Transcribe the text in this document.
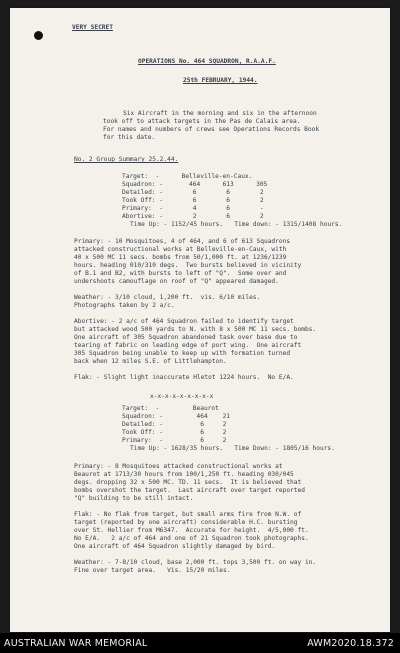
VERY SECRET
OPERATIONS No. 464 SQUADRON, R.A.A.F.
25th FEBRUARY, 1944.
Six Aircraft in the morning and six in the afternoon
took off to attack targets in the Pas de Calais area.
For names and numbers of crews see Operations Records Book
for this date.
No. 2 Group Summary 25.2.44.
Target:  -      Belleville-en-Caux.
Squadron: -       464      613      305
Detailed: -        6        6        2
Took Off: -        6        6        2
Primary:  -        4        6        -
Abortive: -        2        6        2
Time Up: - 1152/45 hours.   Time down: - 1315/1408 hours.
Primary: - 10 Mosquitoes, 4 of 464, and 6 of 613 Squadrons
attacked constructional works at Belleville-en-Caux, with
40 x 500 MC 11 secs. bombs from 50/1,000 ft. at 1236/1239
hours. heading 010/310 degs.  Two bursts believed in vicinity
of B.1 and B2, with bursts to left of "Q".  Some over and
undershoots camouflage on roof of "Q" appeared damaged.
Weather: - 3/10 cloud, 1,200 ft.  vis. 6/10 miles.
Photographs taken by 2 a/c.
Abortive: - 2 a/c of 464 Squadron failed to identify target
but attacked wood 500 yards to N. with 8 x 500 MC 11 secs. bombs.
One aircraft of 305 Squadron abandoned task over base due to
tearing of fabric on leading edge of port wing.  One aircraft
305 Squadron being unable to keep up with formation turned
back when 12 miles S.E. of Littlehampton.
Flak: - Slight light inaccurate Hletot 1224 hours.  No E/A.
x-x-x-x-x-x-x-x-x
Target:  -         Beaurot
Squadron: -         464    21
Detailed: -          6     2
Took Off: -          6     2
Primary:  -          6     2
Time Up: - 1628/35 hours.   Time Down: - 1805/16 hours.
Primary: - 8 Mosquitoes attacked constructional works at
Beaurot at 1713/30 hours from 100/1,250 ft. heading 030/045
degs. dropping 32 x 500 MC. TD. 11 secs.  It is believed that
bombs overshot the target.  Last aircraft over target reported
"Q" building to be still intact.
Flak: - No flak from target, but small arms fire from N.W. of
target (reported by one aircraft) considerable H.C. bursting
over St. Hellier from M6347.  Accurate for height.  4/5,000 ft.
No E/A.   2 a/c of 464 and one of 21 Squadron took photographs.
One aircraft of 464 Squadron slightly damaged by bird.
Weather: - 7-8/10 cloud, base 2,000 ft. tops 3,500 ft. on way in.
Fine over target area.   Vis. 15/20 miles.
AUSTRALIAN WAR MEMORIAL	AWM2020.18.372
